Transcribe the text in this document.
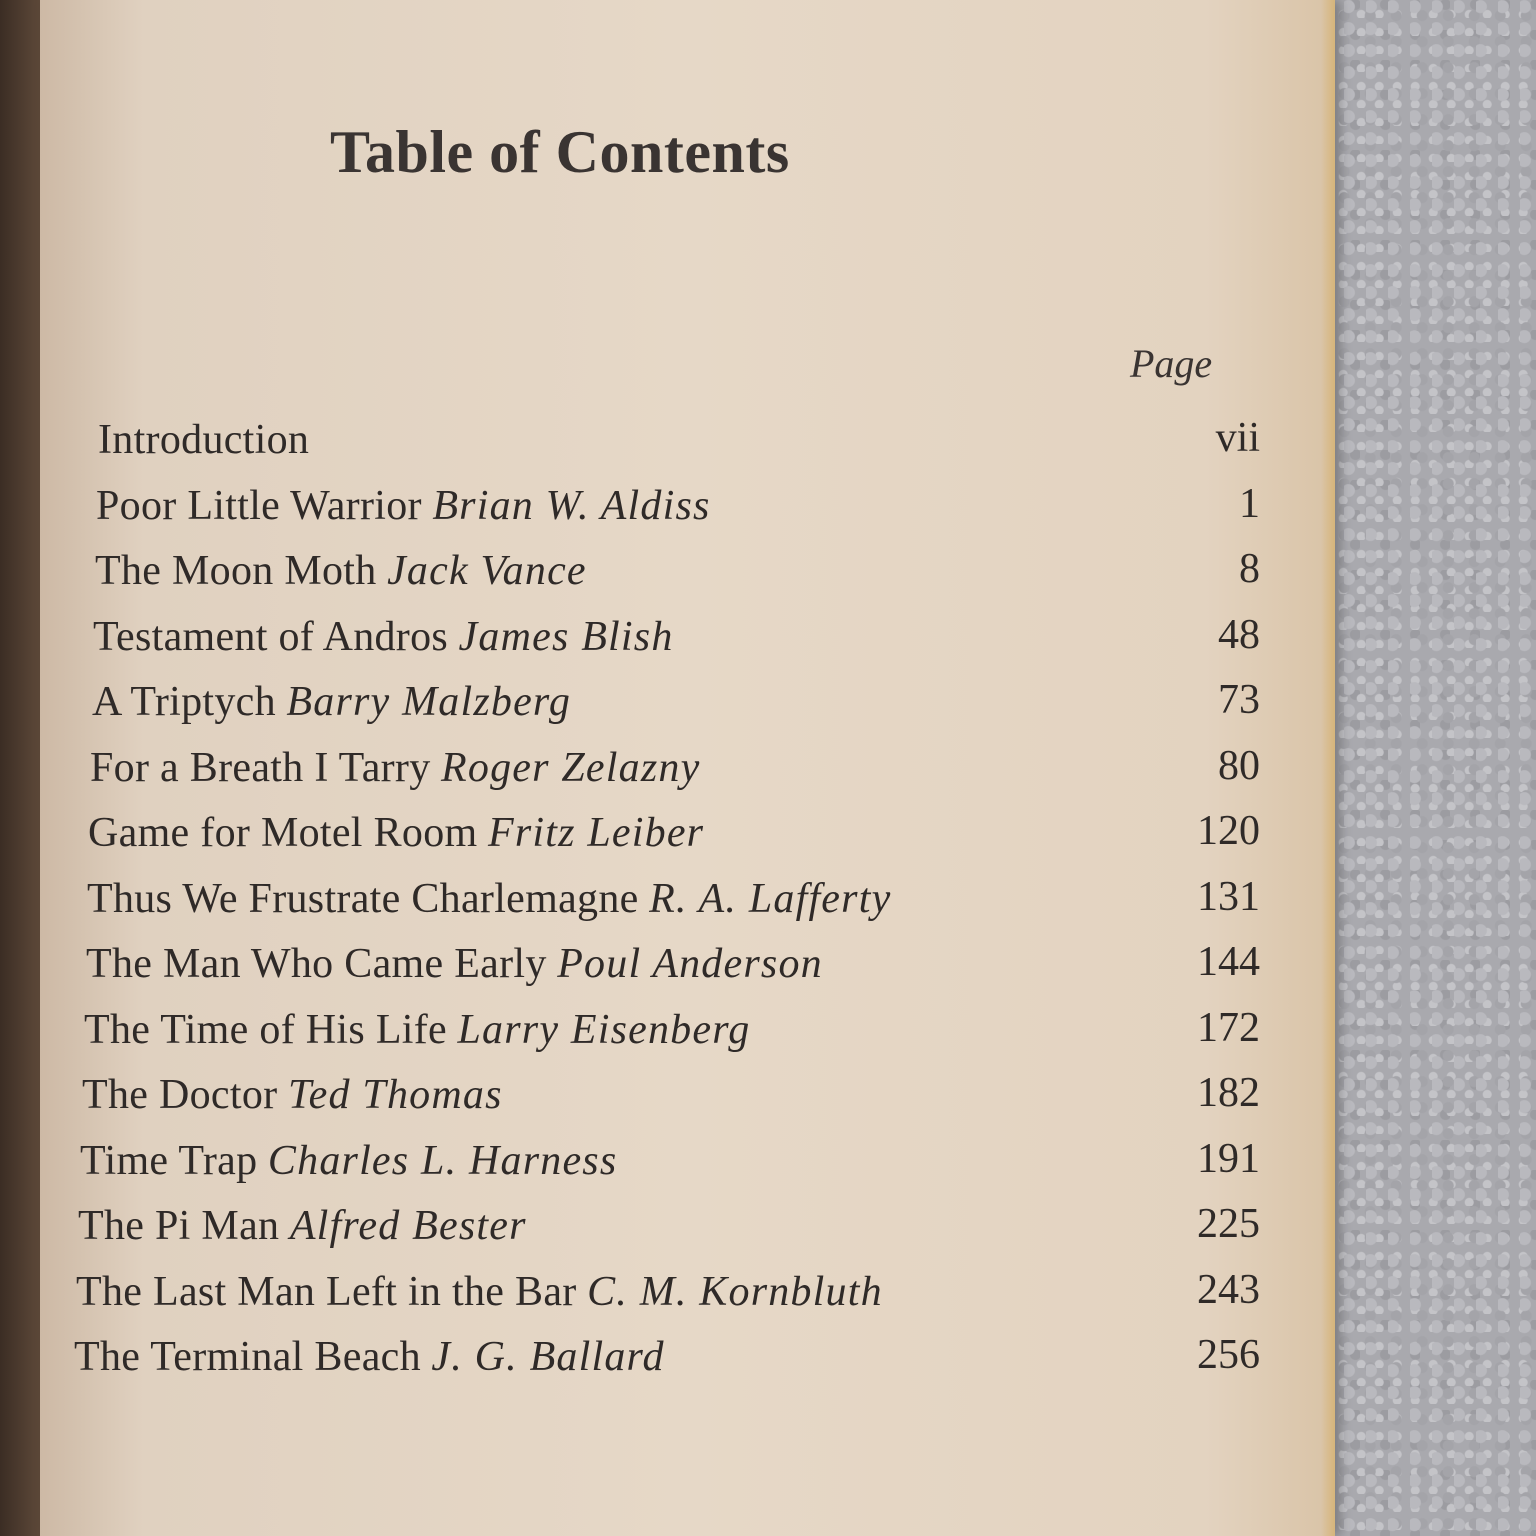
Table of Contents
Page
Introduction	vii
Poor Little Warrior Brian W. Aldiss	1
The Moon Moth Jack Vance	8
Testament of Andros James Blish	48
A Triptych Barry Malzberg	73
For a Breath I Tarry Roger Zelazny	80
Game for Motel Room Fritz Leiber	120
Thus We Frustrate Charlemagne R. A. Lafferty	131
The Man Who Came Early Poul Anderson	144
The Time of His Life Larry Eisenberg	172
The Doctor Ted Thomas	182
Time Trap Charles L. Harness	191
The Pi Man Alfred Bester	225
The Last Man Left in the Bar C. M. Kornbluth	243
The Terminal Beach J. G. Ballard	256
